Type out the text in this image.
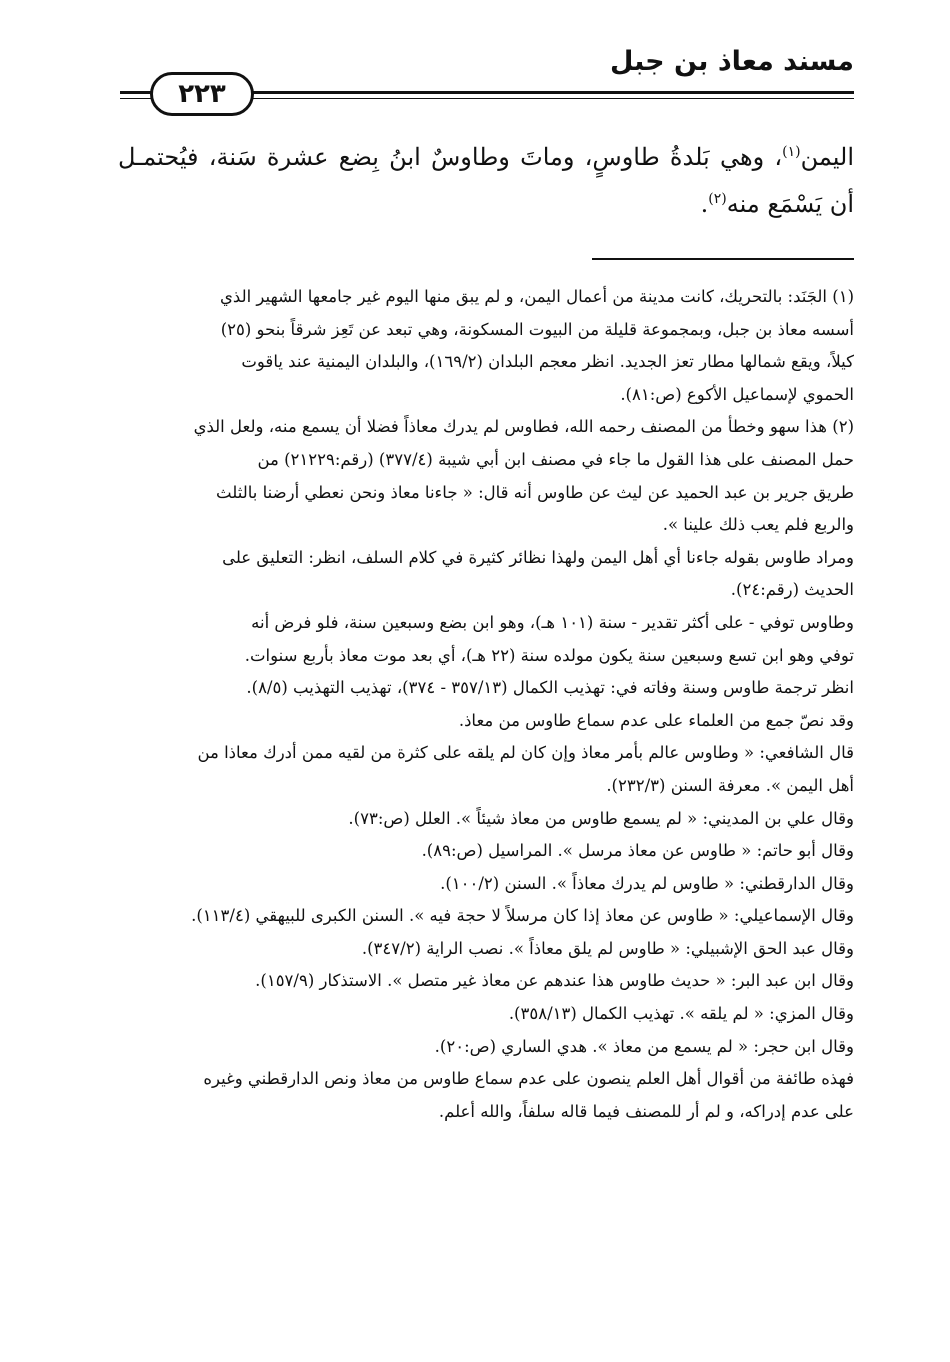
مسند معاذ بن جبل
٢٢٣

اليمن$^{(١)}$، وهي بَلدةُ طاوسٍ، وماتَ وطاوسٌ ابنُ بِضع عشرة سَنة، فيُحتمـل أن يَسْمَع منه$^{(٢)}$.

(١) الجَنَد: بالتحريك، كانت مدينة من أعمال اليمن، و لم يبق منها اليوم غير جامعها الشهير الذي

أسسه معاذ بن جبل، وبمجموعة قليلة من البيوت المسكونة، وهي تبعد عن تَعِز شرقاً بنحو (٢٥)

كيلاً، ويقع شمالها مطار تعز الجديد. انظر معجم البلدان (١٦٩/٢)، والبلدان اليمنية عند ياقوت

الحموي لإسماعيل الأكوع (ص:٨١).

(٢) هذا سهو وخطأ من المصنف رحمه الله، فطاوس لم يدرك معاذاً فضلا أن يسمع منه، ولعل الذي

حمل المصنف على هذا القول ما جاء في مصنف ابن أبي شيبة (٣٧٧/٤) (رقم:٢١٢٢٩) من

طريق جرير بن عبد الحميد عن ليث عن طاوس أنه قال: « جاءنا معاذ ونحن نعطي أرضنا بالثلث

والربع فلم يعب ذلك علينا ».

ومراد طاوس بقوله جاءنا أي أهل اليمن ولهذا نظائر كثيرة في كلام السلف، انظر: التعليق على

الحديث (رقم:٢٤).

وطاوس توفي - على أكثر تقدير - سنة (١٠١ هـ)، وهو ابن بضع وسبعين سنة، فلو فرض أنه

توفي وهو ابن تسع وسبعين سنة يكون مولده سنة (٢٢ هـ)، أي بعد موت معاذ بأربع سنوات.

انظر ترجمة طاوس وسنة وفاته في: تهذيب الكمال (٣٥٧/١٣ - ٣٧٤)، تهذيب التهذيب (٨/٥).

وقد نصّ جمع من العلماء على عدم سماع طاوس من معاذ.

قال الشافعي: « وطاوس عالم بأمر معاذ وإن كان لم يلقه على كثرة من لقيه ممن أدرك معاذا من

أهل اليمن ». معرفة السنن (٢٣٢/٣).

وقال علي بن المديني: « لم يسمع طاوس من معاذ شيئاً ». العلل (ص:٧٣).

وقال أبو حاتم: « طاوس عن معاذ مرسل ». المراسيل (ص:٨٩).

وقال الدارقطني: « طاوس لم يدرك معاذاً ». السنن (١٠٠/٢).

وقال الإسماعيلي: « طاوس عن معاذ إذا كان مرسلاً لا حجة فيه ». السنن الكبرى للبيهقي (١١٣/٤).

وقال عبد الحق الإشبيلي: « طاوس لم يلق معاذاً ». نصب الراية (٣٤٧/٢).

وقال ابن عبد البر: « حديث طاوس هذا عندهم عن معاذ غير متصل ». الاستذكار (١٥٧/٩).

وقال المزي: « لم يلقه ». تهذيب الكمال (٣٥٨/١٣).

وقال ابن حجر: « لم يسمع من معاذ ». هدي الساري (ص:٢٠).

فهذه طائفة من أقوال أهل العلم ينصون على عدم سماع طاوس من معاذ ونص الدارقطني وغيره

على عدم إدراكه، و لم أر للمصنف فيما قاله سلفاً، والله أعلم.
